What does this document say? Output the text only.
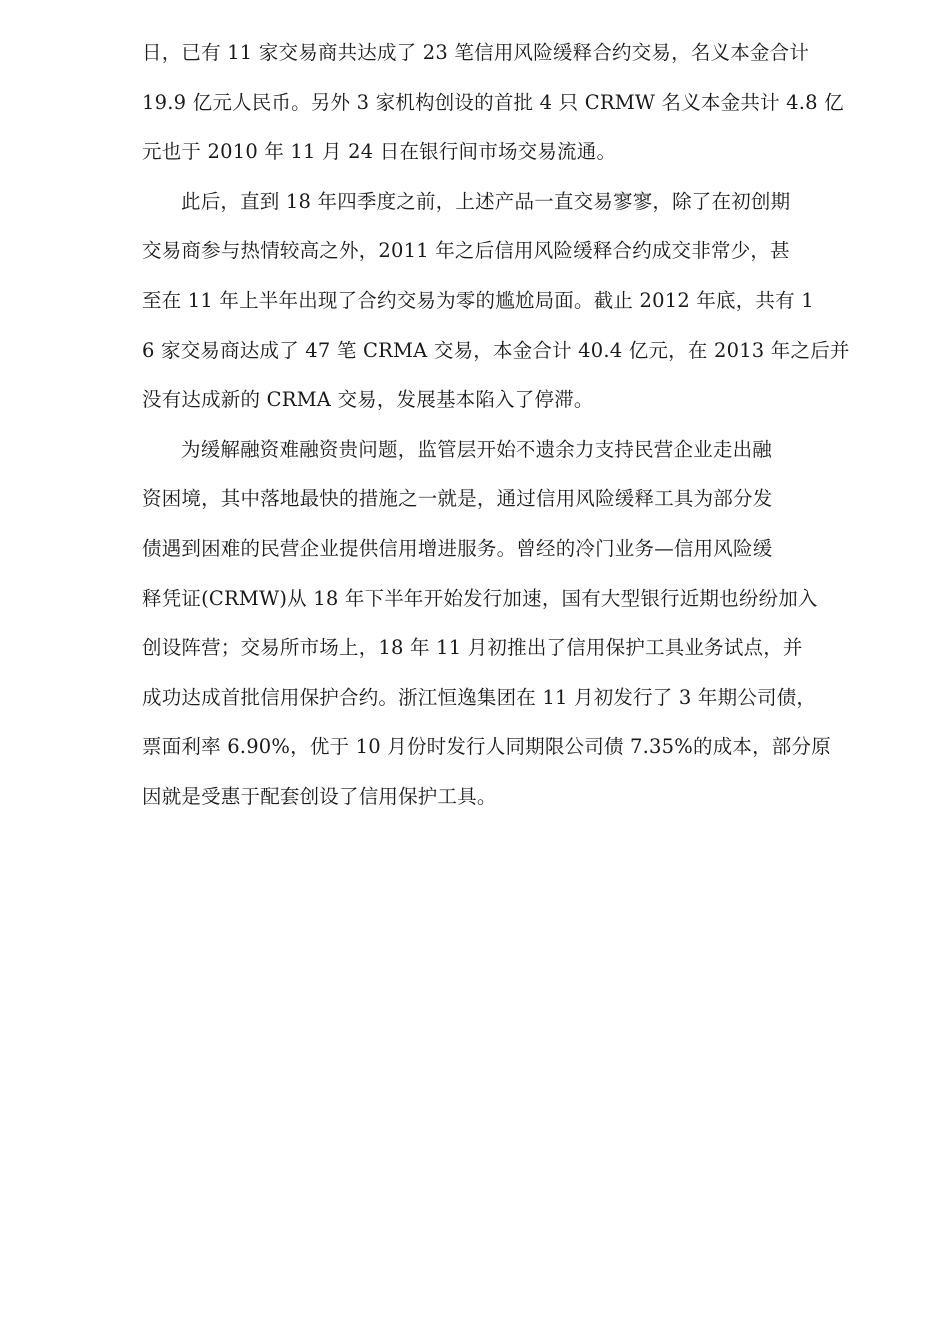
日，已有 11 家交易商共达成了 23 笔信用风险缓释合约交易，名义本金合计
19.9 亿元人民币。另外 3 家机构创设的首批 4 只 CRMW 名义本金共计 4.8 亿
元也于 2010 年 11 月 24 日在银行间市场交易流通。

此后，直到 18 年四季度之前，上述产品一直交易寥寥，除了在初创期
交易商参与热情较高之外，2011 年之后信用风险缓释合约成交非常少，甚
至在 11 年上半年出现了合约交易为零的尴尬局面。截止 2012 年底，共有 1
6 家交易商达成了 47 笔 CRMA 交易，本金合计 40.4 亿元，在 2013 年之后并
没有达成新的 CRMA 交易，发展基本陷入了停滞。

为缓解融资难融资贵问题，监管层开始不遗余力支持民营企业走出融
资困境，其中落地最快的措施之一就是，通过信用风险缓释工具为部分发
债遇到困难的民营企业提供信用增进服务。曾经的冷门业务—信用风险缓
释凭证(CRMW)从 18 年下半年开始发行加速，国有大型银行近期也纷纷加入
创设阵营；交易所市场上，18 年 11 月初推出了信用保护工具业务试点，并
成功达成首批信用保护合约。浙江恒逸集团在 11 月初发行了 3 年期公司债，
票面利率 6.90%，优于 10 月份时发行人同期限公司债 7.35%的成本，部分原
因就是受惠于配套创设了信用保护工具。
